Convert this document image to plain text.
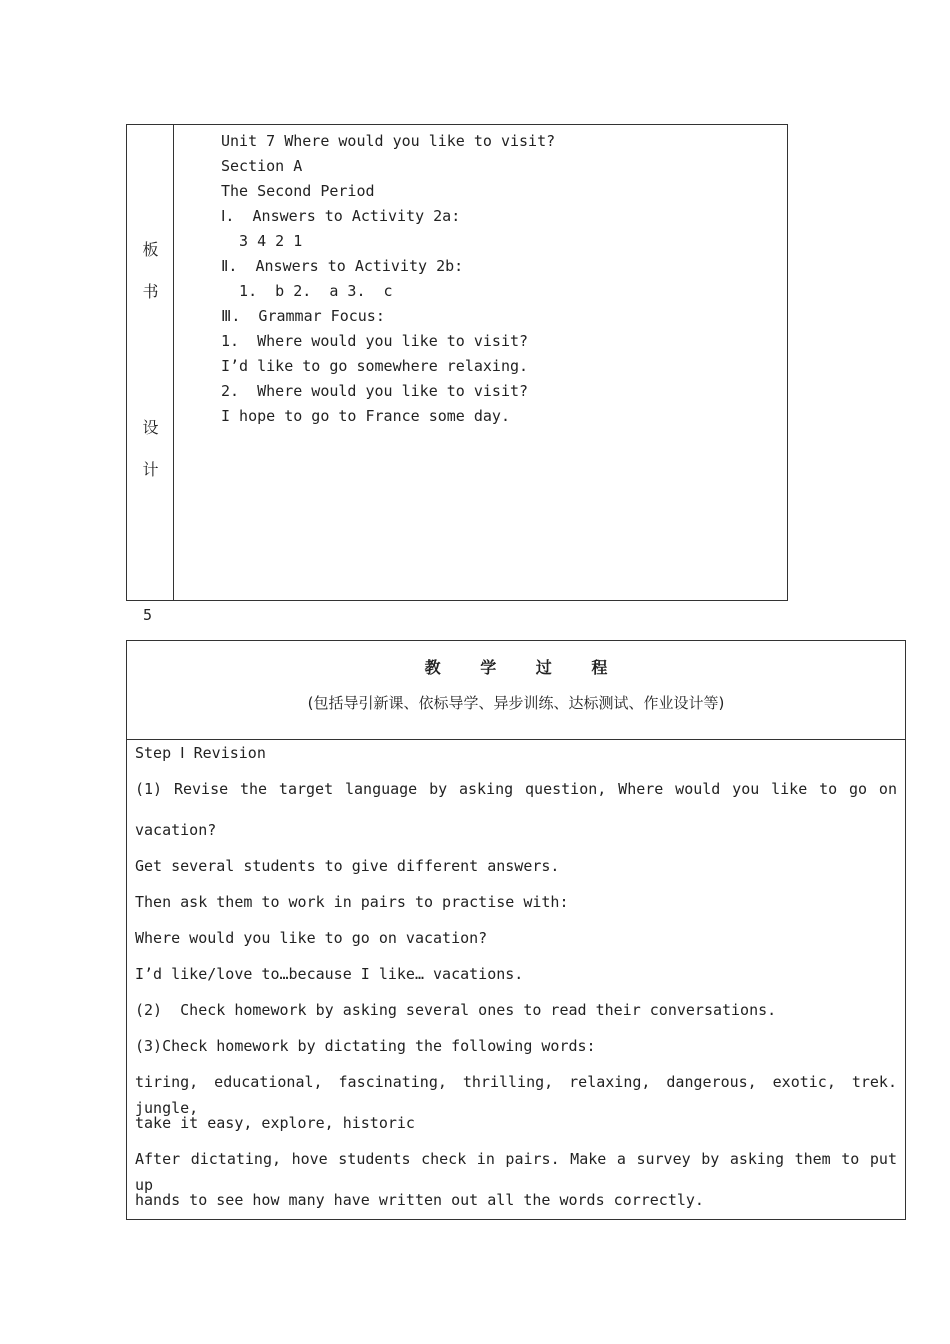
板
书
设
计
Unit 7 Where would you like to visit?
Section A
The Second Period
Ⅰ.  Answers to Activity 2a:
3 4 2 1
Ⅱ.  Answers to Activity 2b:
1.  b 2.  a 3.  c
Ⅲ.  Grammar Focus:
1.  Where would you like to visit?
I’d like to go somewhere relaxing.
2.  Where would you like to visit?
I hope to go to France some day.
5
教 学 过 程
(包括导引新课、依标导学、异步训练、达标测试、作业设计等)
Step Ⅰ Revision
(1) Revise the target language by asking question, Where would you like to go on
vacation?
Get several students to give different answers.
Then ask them to work in pairs to practise with:
Where would you like to go on vacation?
I’d like/love to…because I like… vacations.
(2)  Check homework by asking several ones to read their conversations.
(3)Check homework by dictating the following words:
tiring, educational, fascinating, thrilling, relaxing, dangerous, exotic, trek. jungle,
take it easy, explore, historic
After dictating, hove students check in pairs. Make a survey by asking them to put up
hands to see how many have written out all the words correctly.
